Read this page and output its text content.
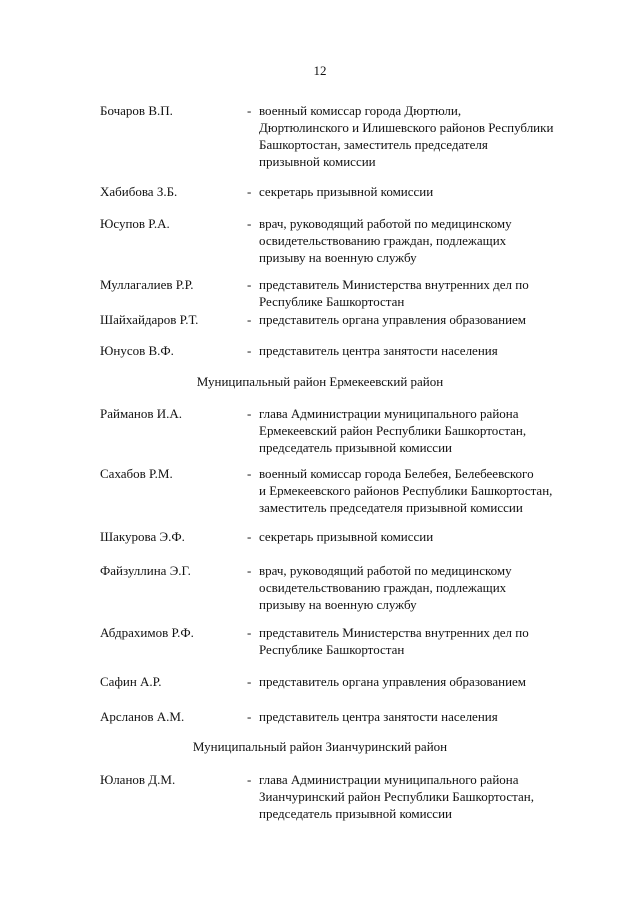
12
Бочаров В.П.	- военный комиссар города Дюртюли,
Дюртюлинского и Илишевского районов Республики
Башкортостан, заместитель председателя
призывной комиссии
Хабибова З.Б.	- секретарь призывной комиссии
Юсупов Р.А.	- врач, руководящий работой по медицинскому
освидетельствованию граждан, подлежащих
призыву на военную службу
Муллагалиев Р.Р.	- представитель Министерства внутренних дел по
Республике Башкортостан
Шайхайдаров Р.Т.	- представитель органа управления образованием
Юнусов В.Ф.	- представитель центра занятости населения
Муниципальный район Ермекеевский район
Райманов И.А.	- глава Администрации муниципального района
Ермекеевский район Республики Башкортостан,
председатель призывной комиссии
Сахабов Р.М.	- военный комиссар города Белебея, Белебеевского
и Ермекеевского районов Республики Башкортостан,
заместитель председателя призывной комиссии
Шакурова Э.Ф.	- секретарь призывной комиссии
Файзуллина Э.Г.	- врач, руководящий работой по медицинскому
освидетельствованию граждан, подлежащих
призыву на военную службу
Абдрахимов Р.Ф.	- представитель Министерства внутренних дел по
Республике Башкортостан
Сафин А.Р.	- представитель органа управления образованием
Арсланов А.М.	- представитель центра занятости населения
Муниципальный район Зианчуринский район
Юланов Д.М.	- глава Администрации муниципального района
Зианчуринский район Республики Башкортостан,
председатель призывной комиссии
